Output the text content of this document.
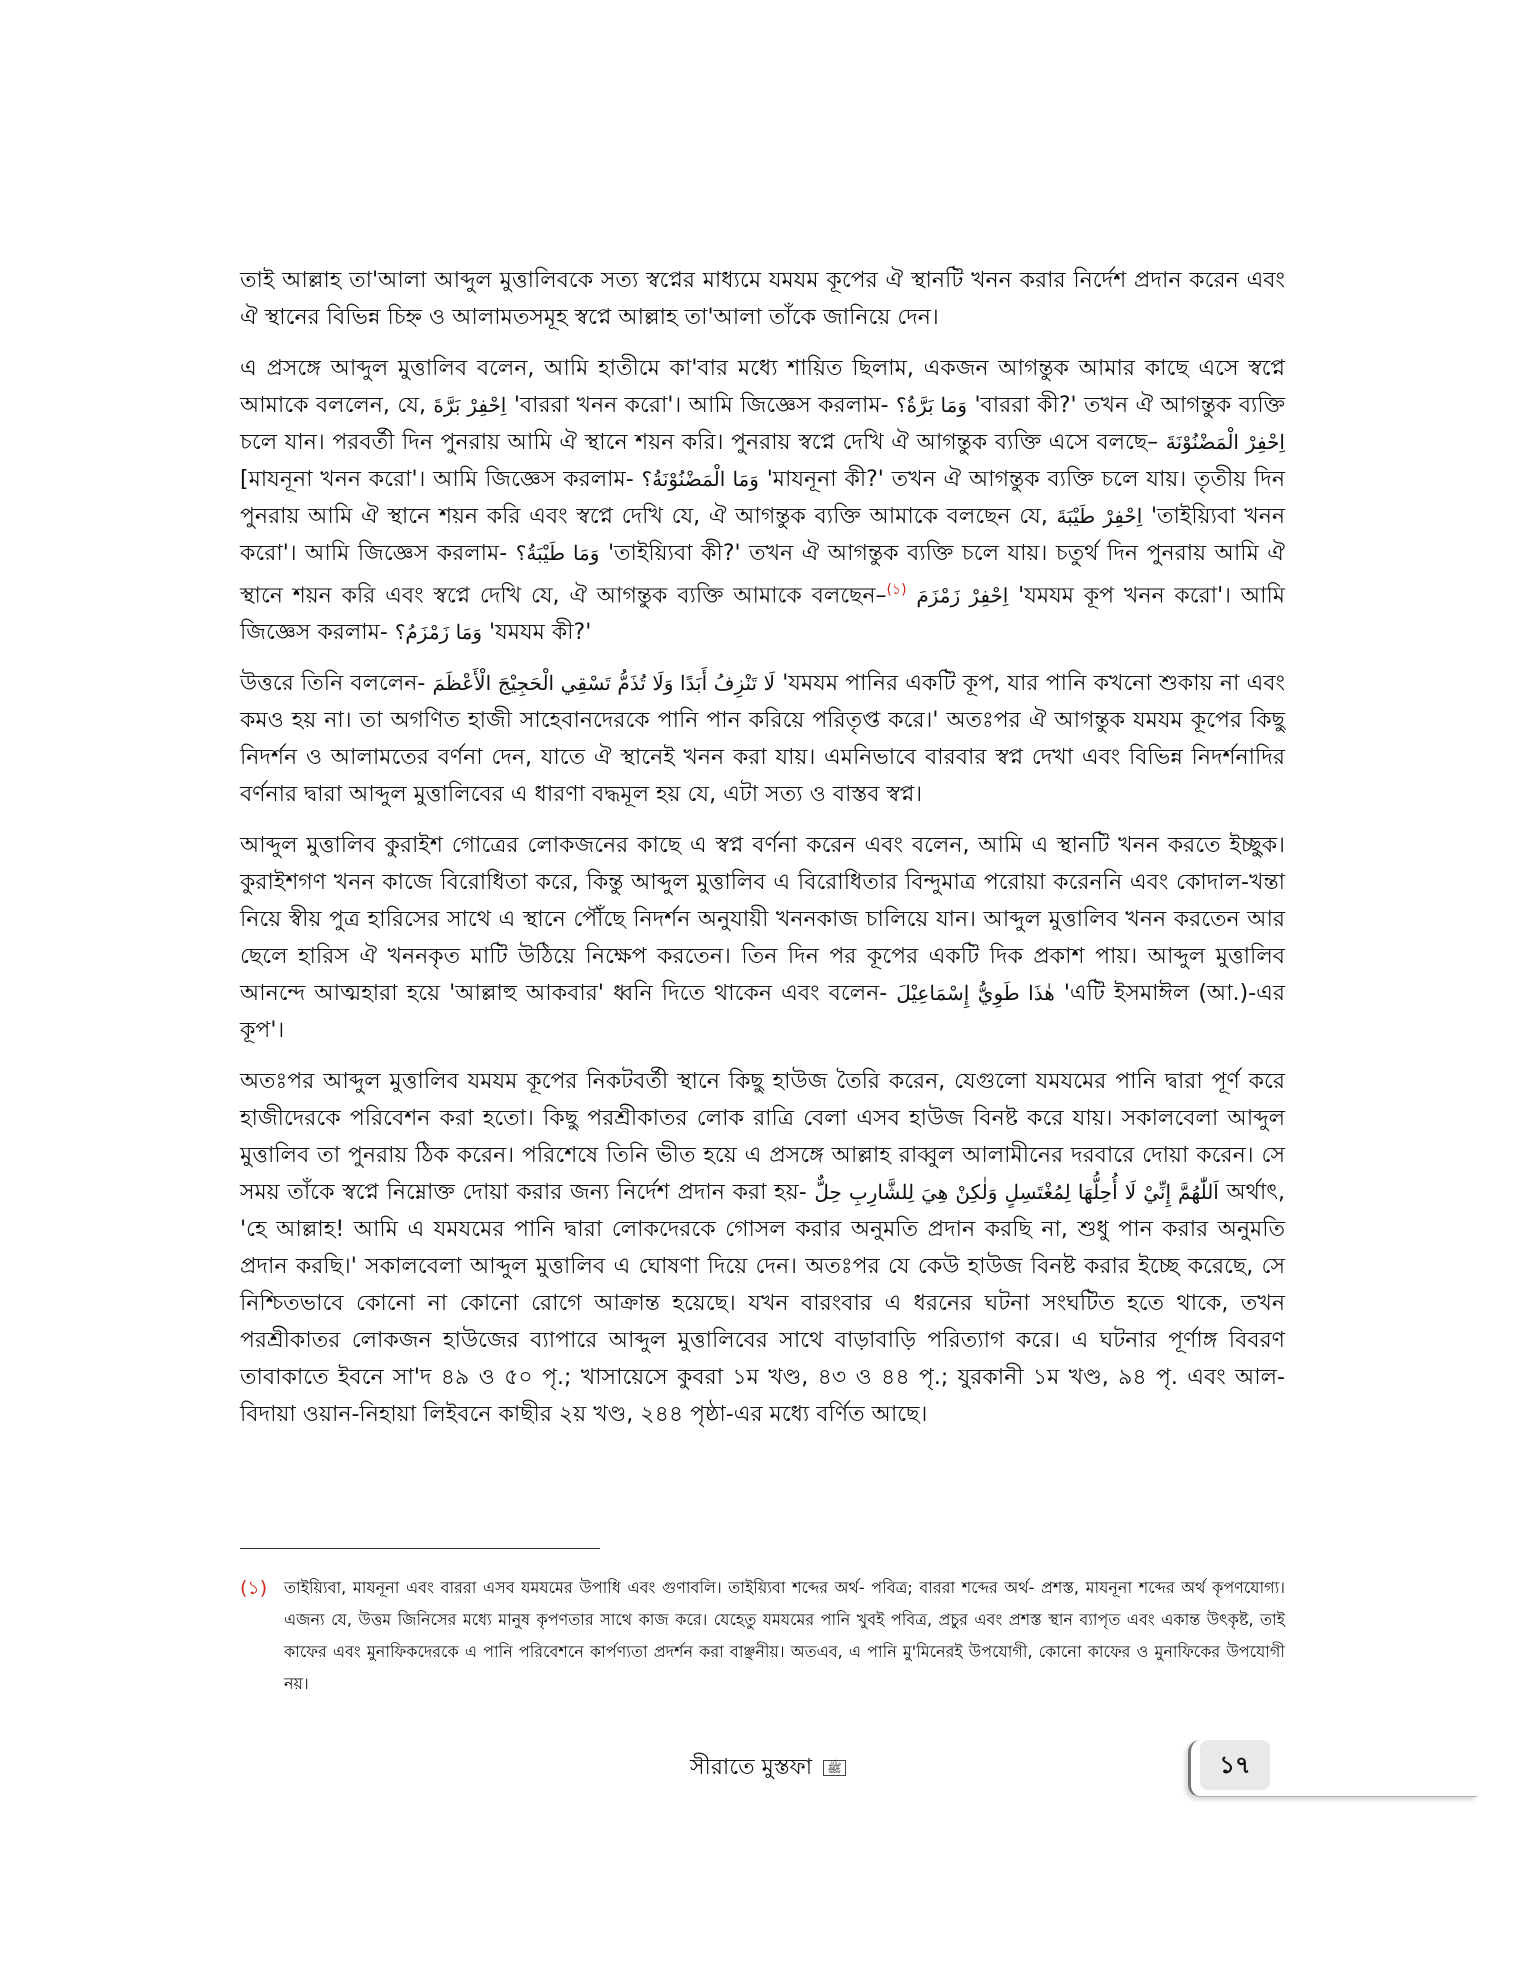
তাই আল্লাহ তা'আলা আব্দুল মুত্তালিবকে সত্য স্বপ্নের মাধ্যমে যমযম কূপের ঐ স্থানটি খনন করার নির্দেশ প্রদান করেন এবং ঐ স্থানের বিভিন্ন চিহ্ন ও আলামতসমূহ স্বপ্নে আল্লাহ তা'আলা তাঁকে জানিয়ে দেন।

এ প্রসঙ্গে আব্দুল মুত্তালিব বলেন, আমি হাতীমে কা'বার মধ্যে শায়িত ছিলাম, একজন আগন্তুক আমার কাছে এসে স্বপ্নে আমাকে বললেন, যে, اِحْفِرْ بَرَّةَ 'বাররা খনন করো'। আমি জিজ্ঞেস করলাম- وَمَا بَرَّةُ؟ 'বাররা কী?' তখন ঐ আগন্তুক ব্যক্তি চলে যান। পরবর্তী দিন পুনরায় আমি ঐ স্থানে শয়ন করি। পুনরায় স্বপ্নে দেখি ঐ আগন্তুক ব্যক্তি এসে বলছে– اِحْفِرْ الْمَضْنُوْنَةَ [মাযনূনা খনন করো'। আমি জিজ্ঞেস করলাম- وَمَا الْمَضْنُوْنَةُ؟ 'মাযনূনা কী?' তখন ঐ আগন্তুক ব্যক্তি চলে যায়। তৃতীয় দিন পুনরায় আমি ঐ স্থানে শয়ন করি এবং স্বপ্নে দেখি যে, ঐ আগন্তুক ব্যক্তি আমাকে বলছেন যে, اِحْفِرْ طَيْبَةَ 'তাইয়্যিবা খনন করো'। আমি জিজ্ঞেস করলাম- وَمَا طَيْبَةُ؟ 'তাইয়্যিবা কী?' তখন ঐ আগন্তুক ব্যক্তি চলে যায়। চতুর্থ দিন পুনরায় আমি ঐ স্থানে শয়ন করি এবং স্বপ্নে দেখি যে, ঐ আগন্তুক ব্যক্তি আমাকে বলছেন–$^{(১)}$ اِحْفِرْ زَمْزَمَ 'যমযম কূপ খনন করো'। আমি জিজ্ঞেস করলাম- وَمَا زَمْزَمُ؟ 'যমযম কী?'

উত্তরে তিনি বললেন- لَا تَنْزِفُ أَبَدًا وَلَا تُذَمُّ تَسْقِي الْحَجِيْجَ الْأَعْظَمَ 'যমযম পানির একটি কূপ, যার পানি কখনো শুকায় না এবং কমও হয় না। তা অগণিত হাজী সাহেবানদেরকে পানি পান করিয়ে পরিতৃপ্ত করে।' অতঃপর ঐ আগন্তুক যমযম কূপের কিছু নিদর্শন ও আলামতের বর্ণনা দেন, যাতে ঐ স্থানেই খনন করা যায়। এমনিভাবে বারবার স্বপ্ন দেখা এবং বিভিন্ন নিদর্শনাদির বর্ণনার দ্বারা আব্দুল মুত্তালিবের এ ধারণা বদ্ধমূল হয় যে, এটা সত্য ও বাস্তব স্বপ্ন।

আব্দুল মুত্তালিব কুরাইশ গোত্রের লোকজনের কাছে এ স্বপ্ন বর্ণনা করেন এবং বলেন, আমি এ স্থানটি খনন করতে ইচ্ছুক। কুরাইশগণ খনন কাজে বিরোধিতা করে, কিন্তু আব্দুল মুত্তালিব এ বিরোধিতার বিন্দুমাত্র পরোয়া করেননি এবং কোদাল-খন্তা নিয়ে স্বীয় পুত্র হারিসের সাথে এ স্থানে পৌঁছে নিদর্শন অনুযায়ী খননকাজ চালিয়ে যান। আব্দুল মুত্তালিব খনন করতেন আর ছেলে হারিস ঐ খননকৃত মাটি উঠিয়ে নিক্ষেপ করতেন। তিন দিন পর কূপের একটি দিক প্রকাশ পায়। আব্দুল মুত্তালিব আনন্দে আত্মহারা হয়ে 'আল্লাহু আকবার' ধ্বনি দিতে থাকেন এবং বলেন- هٰذَا طَوِيُّ إِسْمَاعِيْلَ 'এটি ইসমাঈল (আ.)-এর কূপ'।

অতঃপর আব্দুল মুত্তালিব যমযম কূপের নিকটবর্তী স্থানে কিছু হাউজ তৈরি করেন, যেগুলো যমযমের পানি দ্বারা পূর্ণ করে হাজীদেরকে পরিবেশন করা হতো। কিছু পরশ্রীকাতর লোক রাত্রি বেলা এসব হাউজ বিনষ্ট করে যায়। সকালবেলা আব্দুল মুত্তালিব তা পুনরায় ঠিক করেন। পরিশেষে তিনি ভীত হয়ে এ প্রসঙ্গে আল্লাহ রাব্বুল আলামীনের দরবারে দোয়া করেন। সে সময় তাঁকে স্বপ্নে নিম্নোক্ত দোয়া করার জন্য নির্দেশ প্রদান করা হয়- اَللّٰهُمَّ إِنِّيْ لَا أُحِلُّهَا لِمُغْتَسِلٍ وَلٰكِنْ هِيَ لِلشَّارِبِ حِلٌّ অর্থাৎ, 'হে আল্লাহ! আমি এ যমযমের পানি দ্বারা লোকদেরকে গোসল করার অনুমতি প্রদান করছি না, শুধু পান করার অনুমতি প্রদান করছি।' সকালবেলা আব্দুল মুত্তালিব এ ঘোষণা দিয়ে দেন। অতঃপর যে কেউ হাউজ বিনষ্ট করার ইচ্ছে করেছে, সে নিশ্চিতভাবে কোনো না কোনো রোগে আক্রান্ত হয়েছে। যখন বারংবার এ ধরনের ঘটনা সংঘটিত হতে থাকে, তখন পরশ্রীকাতর লোকজন হাউজের ব্যাপারে আব্দুল মুত্তালিবের সাথে বাড়াবাড়ি পরিত্যাগ করে। এ ঘটনার পূর্ণাঙ্গ বিবরণ তাবাকাতে ইবনে সা'দ ৪৯ ও ৫০ পৃ.; খাসায়েসে কুবরা ১ম খণ্ড, ৪৩ ও ৪৪ পৃ.; যুরকানী ১ম খণ্ড, ৯৪ পৃ. এবং আল-বিদায়া ওয়ান-নিহায়া লিইবনে কাছীর ২য় খণ্ড, ২৪৪ পৃষ্ঠা-এর মধ্যে বর্ণিত আছে।

(১)	তাইয়্যিবা, মাযনূনা এবং বাররা এসব যমযমের উপাধি এবং গুণাবলি। তাইয়্যিবা শব্দের অর্থ- পবিত্র; বাররা শব্দের অর্থ- প্রশস্ত, মাযনূনা শব্দের অর্থ কৃপণযোগ্য। এজন্য যে, উত্তম জিনিসের মধ্যে মানুষ কৃপণতার সাথে কাজ করে। যেহেতু যমযমের পানি খুবই পবিত্র, প্রচুর এবং প্রশস্ত স্থান ব্যাপৃত এবং একান্ত উৎকৃষ্ট, তাই কাফের এবং মুনাফিকদেরকে এ পানি পরিবেশনে কার্পণ্যতা প্রদর্শন করা বাঞ্ছনীয়। অতএব, এ পানি মু'মিনেরই উপযোগী, কোনো কাফের ও মুনাফিকের উপযোগী নয়।
সীরাতে মুস্তফা ﷺ	১৭
